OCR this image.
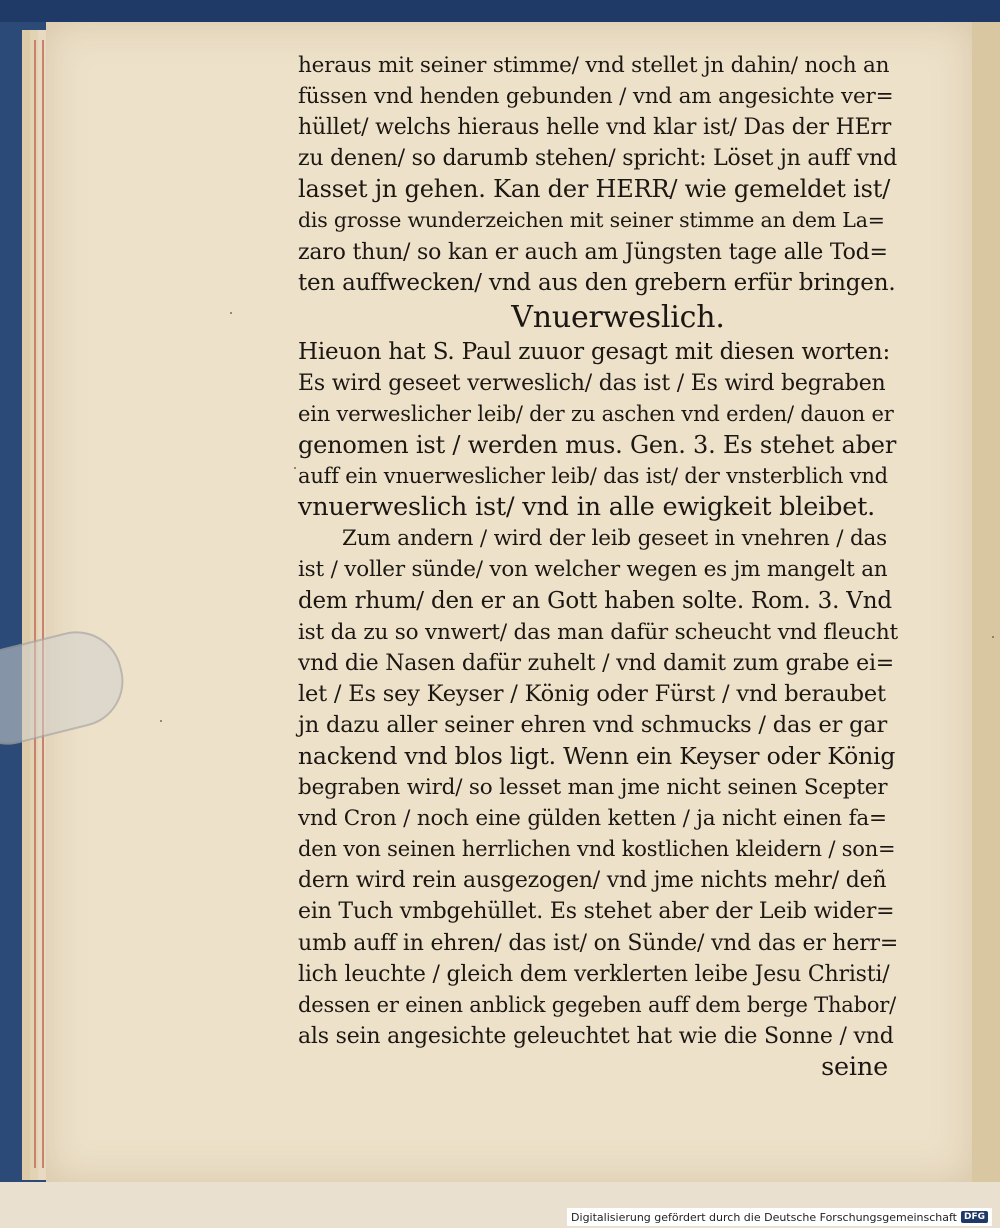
heraus mit seiner stimme/ vnd stellet jn dahin/ noch an
füssen vnd henden gebunden / vnd am angesichte ver=
hüllet/ welchs hieraus helle vnd klar ist/ Das der HErr
zu denen/ so darumb stehen/ spricht: Löset jn auff vnd
lasset jn gehen. Kan der HERR/ wie gemeldet ist/
dis grosse wunderzeichen mit seiner stimme an dem La=
zaro thun/ so kan er auch am Jüngsten tage alle Tod=
ten auffwecken/ vnd aus den grebern erfür bringen.
Vnuerweslich.
Hieuon hat S. Paul zuuor gesagt mit diesen worten:
Es wird geseet verweslich/ das ist / Es wird begraben
ein verweslicher leib/ der zu aschen vnd erden/ dauon er
genomen ist / werden mus. Gen. 3. Es stehet aber
auff ein vnuerweslicher leib/ das ist/ der vnsterblich vnd
vnuerweslich ist/ vnd in alle ewigkeit bleibet.
Zum andern / wird der leib geseet in vnehren / das
ist / voller sünde/ von welcher wegen es jm mangelt an
dem rhum/ den er an Gott haben solte. Rom. 3. Vnd
ist da zu so vnwert/ das man dafür scheucht vnd fleucht
vnd die Nasen dafür zuhelt / vnd damit zum grabe ei=
let / Es sey Keyser / König oder Fürst / vnd beraubet
jn dazu aller seiner ehren vnd schmucks / das er gar
nackend vnd blos ligt. Wenn ein Keyser oder König
begraben wird/ so lesset man jme nicht seinen Scepter
vnd Cron / noch eine gülden ketten / ja nicht einen fa=
den von seinen herrlichen vnd kostlichen kleidern / son=
dern wird rein ausgezogen/ vnd jme nichts mehr/ deñ
ein Tuch vmbgehüllet. Es stehet aber der Leib wider=
umb auff in ehren/ das ist/ on Sünde/ vnd das er herr=
lich leuchte / gleich dem verklerten leibe Jesu Christi/
dessen er einen anblick gegeben auff dem berge Thabor/
als sein angesichte geleuchtet hat wie die Sonne / vnd
seine
Digitalisierung gefördert durch die Deutsche Forschungsgemeinschaft DFG
